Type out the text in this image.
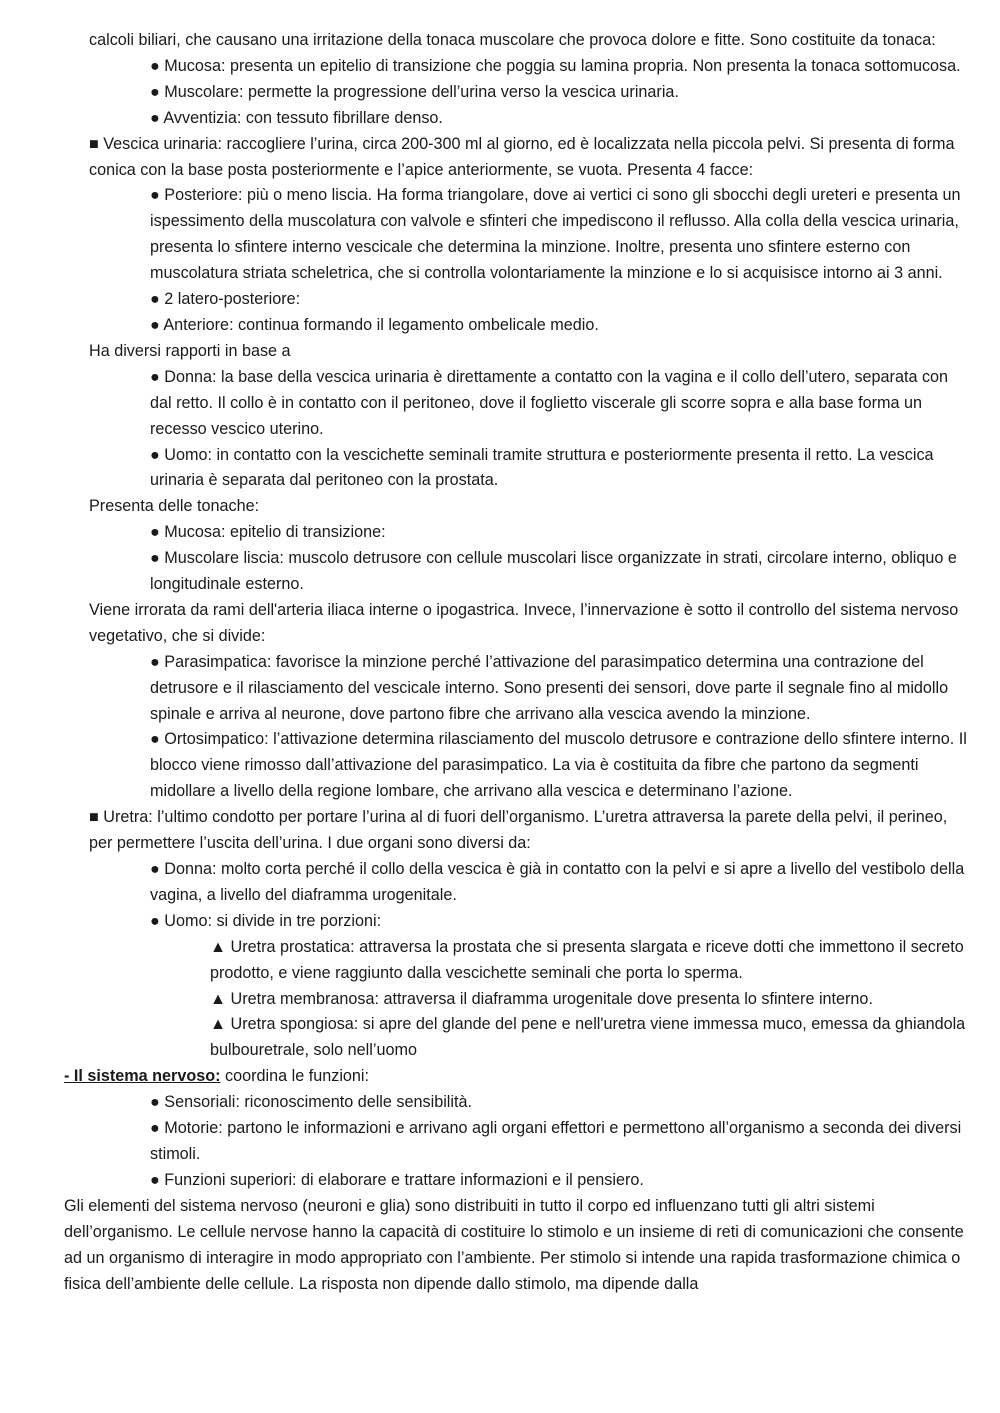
calcoli biliari, che causano una irritazione della tonaca muscolare che provoca dolore e fitte. Sono costituite da tonaca:

● Mucosa: presenta un epitelio di transizione che poggia su lamina propria. Non presenta la tonaca sottomucosa.

● Muscolare: permette la progressione dell’urina verso la vescica urinaria.

● Avventizia: con tessuto fibrillare denso.

■ Vescica urinaria: raccogliere l’urina, circa 200-300 ml al giorno, ed è localizzata nella piccola pelvi. Si presenta di forma conica con la base posta posteriormente e l’apice anteriormente, se vuota. Presenta 4 facce:

● Posteriore: più o meno liscia. Ha forma triangolare, dove ai vertici ci sono gli sbocchi degli ureteri e presenta un ispessimento della muscolatura con valvole e sfinteri che impediscono il reflusso. Alla colla della vescica urinaria, presenta lo sfintere interno vescicale che determina la minzione. Inoltre, presenta uno sfintere esterno con muscolatura striata scheletrica, che si controlla volontariamente la minzione e lo si acquisisce intorno ai 3 anni.

● 2 latero-posteriore:

● Anteriore: continua formando il legamento ombelicale medio.

Ha diversi rapporti in base a

● Donna: la base della vescica urinaria è direttamente a contatto con la vagina e il collo dell’utero, separata con dal retto. Il collo è in contatto con il peritoneo, dove il foglietto viscerale gli scorre sopra e alla base forma un recesso vescico uterino.

● Uomo: in contatto con la vescichette seminali tramite struttura e posteriormente presenta il retto. La vescica urinaria è separata dal peritoneo con la prostata.

Presenta delle tonache:

● Mucosa: epitelio di transizione:

● Muscolare liscia: muscolo detrusore con cellule muscolari lisce organizzate in strati, circolare interno, obliquo e longitudinale esterno.

Viene irrorata da rami dell'arteria iliaca interne o ipogastrica. Invece, l’innervazione è sotto il controllo del sistema nervoso vegetativo, che si divide:

● Parasimpatica: favorisce la minzione perché l’attivazione del parasimpatico determina una contrazione del detrusore e il rilasciamento del vescicale interno. Sono presenti dei sensori, dove parte il segnale fino al midollo spinale e arriva al neurone, dove partono fibre che arrivano alla vescica avendo la minzione.

● Ortosimpatico: l’attivazione determina rilasciamento del muscolo detrusore e contrazione dello sfintere interno. Il blocco viene rimosso dall’attivazione del parasimpatico. La via è costituita da fibre che partono da segmenti midollare a livello della regione lombare, che arrivano alla vescica e determinano l’azione.

■ Uretra: l’ultimo condotto per portare l’urina al di fuori dell’organismo. L’uretra attraversa la parete della pelvi, il perineo, per permettere l’uscita dell’urina. I due organi sono diversi da:

● Donna: molto corta perché il collo della vescica è già in contatto con la pelvi e si apre a livello del vestibolo della vagina, a livello del diaframma urogenitale.

● Uomo: si divide in tre porzioni:

▲ Uretra prostatica: attraversa la prostata che si presenta slargata e riceve dotti che immettono il secreto prodotto, e viene raggiunto dalla vescichette seminali che porta lo sperma.

▲ Uretra membranosa: attraversa il diaframma urogenitale dove presenta lo sfintere interno.

▲ Uretra spongiosa: si apre del glande del pene e nell'uretra viene immessa muco, emessa da ghiandola bulbouretrale, solo nell’uomo

- Il sistema nervoso: coordina le funzioni:

● Sensoriali: riconoscimento delle sensibilità.

● Motorie: partono le informazioni e arrivano agli organi effettori e permettono all’organismo a seconda dei diversi stimoli.

● Funzioni superiori: di elaborare e trattare informazioni e il pensiero.

Gli elementi del sistema nervoso (neuroni e glia) sono distribuiti in tutto il corpo ed influenzano tutti gli altri sistemi dell’organismo. Le cellule nervose hanno la capacità di costituire lo stimolo e un insieme di reti di comunicazioni che consente ad un organismo di interagire in modo appropriato con l’ambiente. Per stimolo si intende una rapida trasformazione chimica o fisica dell’ambiente delle cellule. La risposta non dipende dallo stimolo, ma dipende dalla
